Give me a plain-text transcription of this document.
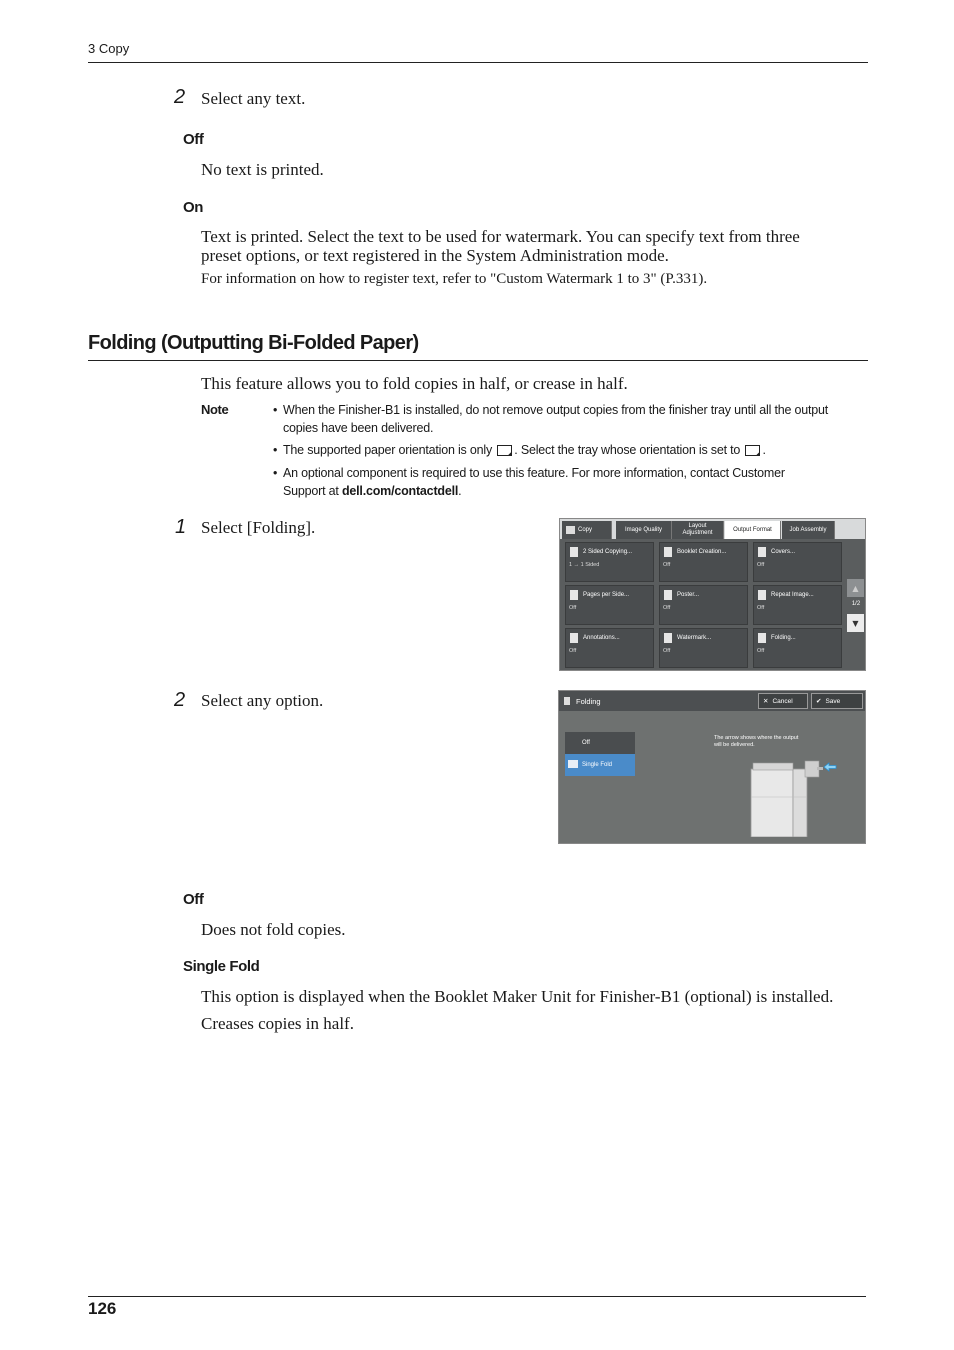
3 Copy
2 Select any text.
Off
No text is printed.
On
Text is printed. Select the text to be used for watermark. You can specify text from three
preset options, or text registered in the System Administration mode.
For information on how to register text, refer to "Custom Watermark 1 to 3" (P.331).
Folding (Outputting Bi-Folded Paper)
This feature allows you to fold copies in half, or crease in half.
Note	• When the Finisher-B1 is installed, do not remove output copies from the finisher tray until all the output
copies have been delivered.
• The supported paper orientation is only . Select the tray whose orientation is set to .
• An optional component is required to use this feature. For more information, contact Customer
Support at dell.com/contactdell.
1 Select [Folding].	Copy	Image Quality
Layout Adjustment
Output Format	Job Assembly
2 Sided Copying...
1 → 1 Sided
Booklet Creation...
Off
Covers...
Off
Pages per Side...
Off
Poster...
Off
Repeat Image...
Off
Annotations...
Off
Watermark...
Off
Folding...
Off
▲
1/2
▼
2 Select any option.	Folding	✕ Cancel	✔ Save
Off
Single Fold
The arrow shows where the output
will be delivered.
Off
Does not fold copies.
Single Fold
This option is displayed when the Booklet Maker Unit for Finisher-B1 (optional) is installed.
Creases copies in half.
126
